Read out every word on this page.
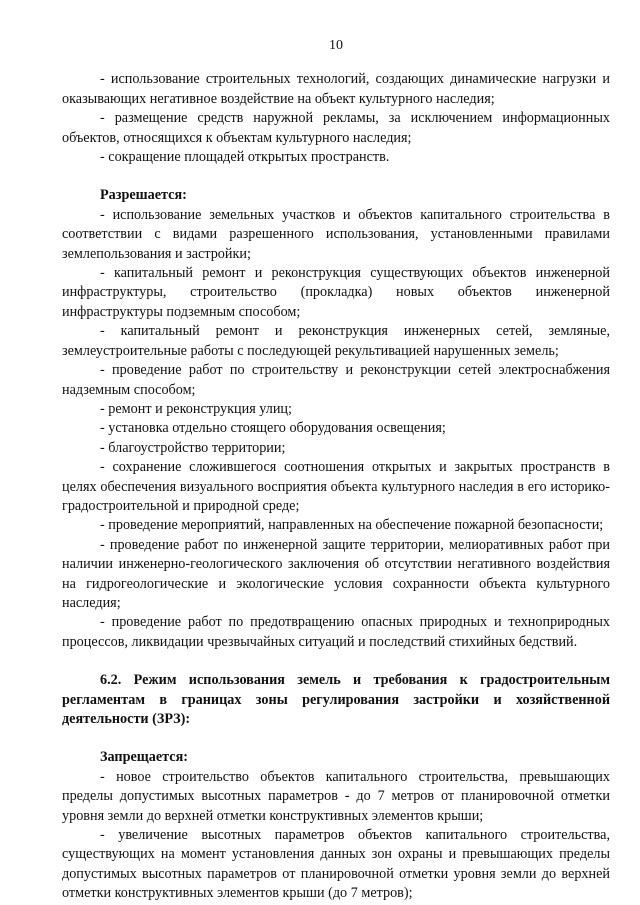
10

- использование строительных технологий, создающих динамические нагрузки и оказывающих негативное воздействие на объект культурного наследия;

- размещение средств наружной рекламы, за исключением информационных объектов, относящихся к объектам культурного наследия;

- сокращение площадей открытых пространств.

Разрешается:

- использование земельных участков и объектов капитального строительства в соответствии с видами разрешенного использования, установленными правилами землепользования и застройки;

- капитальный ремонт и реконструкция существующих объектов инженерной инфраструктуры, строительство (прокладка) новых объектов инженерной инфраструктуры подземным способом;

- капитальный ремонт и реконструкция инженерных сетей, земляные, землеустроительные работы с последующей рекультивацией нарушенных земель;

- проведение работ по строительству и реконструкции сетей электроснабжения надземным способом;

- ремонт и реконструкция улиц;

- установка отдельно стоящего оборудования освещения;

- благоустройство территории;

- сохранение сложившегося соотношения открытых и закрытых пространств в целях обеспечения визуального восприятия объекта культурного наследия в его историко-градостроительной и природной среде;

- проведение мероприятий, направленных на обеспечение пожарной безопасности;

- проведение работ по инженерной защите территории, мелиоративных работ при наличии инженерно-геологического заключения об отсутствии негативного воздействия на гидрогеологические и экологические условия сохранности объекта культурного наследия;

- проведение работ по предотвращению опасных природных и техноприродных процессов, ликвидации чрезвычайных ситуаций и последствий стихийных бедствий.

6.2. Режим использования земель и требования к градостроительным регламентам в границах зоны регулирования застройки и хозяйственной деятельности (ЗРЗ):

Запрещается:

- новое строительство объектов капитального строительства, превышающих пределы допустимых высотных параметров - до 7 метров от планировочной отметки уровня земли до верхней отметки конструктивных элементов крыши;

- увеличение высотных параметров объектов капитального строительства, существующих на момент установления данных зон охраны и превышающих пределы допустимых высотных параметров от планировочной отметки уровня земли до верхней отметки конструктивных элементов крыши (до 7 метров);
